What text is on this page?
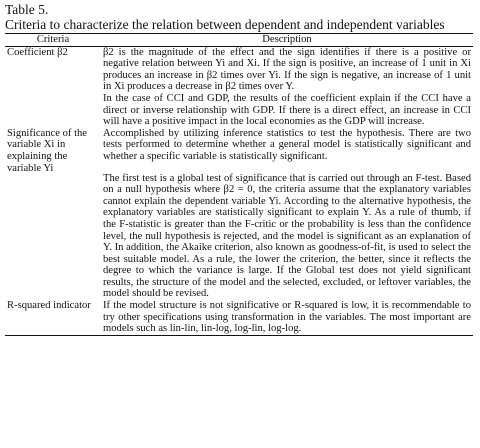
Table 5.
Criteria to characterize the relation between dependent and independent variables
Criteria	Description
Coefficient β2	β2 is the magnitude of the effect and the sign identifies if there is a positive or negative relation between Yi and Xi. If the sign is positive, an increase of 1 unit in Xi produces an increase in β2 times over Yi. If the sign is negative, an increase of 1 unit in Xi produces a decrease in β2 times over Y.
In the case of CCI and GDP, the results of the coefficient explain if the CCI have a direct or inverse relationship with GDP. If there is a direct effect, an increase in CCI will have a positive impact in the local economies as the GDP will increase.

Significance of the variable Xi in explaining the variable Yi	Accomplished by utilizing inference statistics to test the hypothesis. There are two tests performed to determine whether a general model is statistically significant and whether a specific variable is statistically significant.
The first test is a global test of significance that is carried out through an F-test. Based on a null hypothesis where β2 = 0, the criteria assume that the explanatory variables cannot explain the dependent variable Yi. According to the alternative hypothesis, the explanatory variables are statistically significant to explain Y. As a rule of thumb, if the F-statistic is greater than the F-critic or the probability is less than the confidence level, the null hypothesis is rejected, and the model is significant as an explanation of Y. In addition, the Akaike criterion, also known as goodness-of-fit, is used to select the best suitable model. As a rule, the lower the criterion, the better, since it reflects the degree to which the variance is large. If the Global test does not yield significant results, the structure of the model and the selected, excluded, or leftover variables, the model should be revised.

R-squared indicator	If the model structure is not significative or R-squared is low, it is recommendable to try other specifications using transformation in the variables. The most important are models such as lin-lin, lin-log, log-lin, log-log.
